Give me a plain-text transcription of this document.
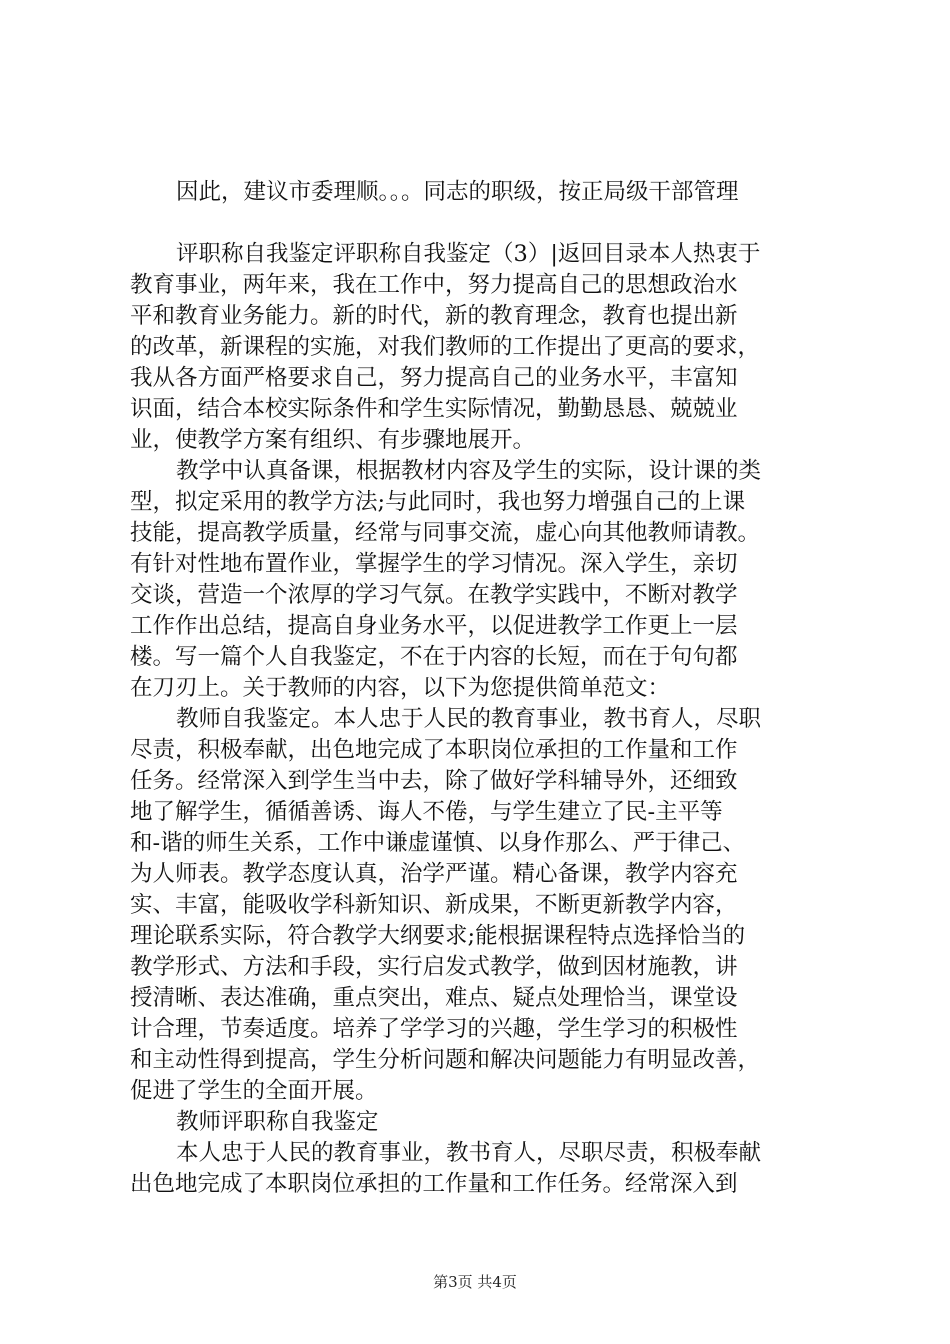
因此，建议市委理顺。。。同志的职级，按正局级干部管理
评职称自我鉴定评职称自我鉴定（3）|返回目录本人热衷于
教育事业，两年来，我在工作中，努力提高自己的思想政治水
平和教育业务能力。新的时代，新的教育理念，教育也提出新
的改革，新课程的实施，对我们教师的工作提出了更高的要求，
我从各方面严格要求自己，努力提高自己的业务水平，丰富知
识面，结合本校实际条件和学生实际情况，勤勤恳恳、兢兢业
业，使教学方案有组织、有步骤地展开。
教学中认真备课，根据教材内容及学生的实际，设计课的类
型，拟定采用的教学方法;与此同时，我也努力增强自己的上课
技能，提高教学质量，经常与同事交流，虚心向其他教师请教。
有针对性地布置作业，掌握学生的学习情况。深入学生，亲切
交谈，营造一个浓厚的学习气氛。在教学实践中，不断对教学
工作作出总结，提高自身业务水平，以促进教学工作更上一层
楼。写一篇个人自我鉴定，不在于内容的长短，而在于句句都
在刀刃上。关于教师的内容，以下为您提供简单范文：
教师自我鉴定。本人忠于人民的教育事业，教书育人，尽职
尽责，积极奉献，出色地完成了本职岗位承担的工作量和工作
任务。经常深入到学生当中去，除了做好学科辅导外，还细致
地了解学生，循循善诱、诲人不倦，与学生建立了民-主平等
和-谐的师生关系，工作中谦虚谨慎、以身作那么、严于律己、
为人师表。教学态度认真，治学严谨。精心备课，教学内容充
实、丰富，能吸收学科新知识、新成果，不断更新教学内容，
理论联系实际，符合教学大纲要求;能根据课程特点选择恰当的
教学形式、方法和手段，实行启发式教学，做到因材施教，讲
授清晰、表达准确，重点突出，难点、疑点处理恰当，课堂设
计合理，节奏适度。培养了学学习的兴趣，学生学习的积极性
和主动性得到提高，学生分析问题和解决问题能力有明显改善，
促进了学生的全面开展。
教师评职称自我鉴定
本人忠于人民的教育事业，教书育人，尽职尽责，积极奉献
出色地完成了本职岗位承担的工作量和工作任务。经常深入到
第3页 共4页
